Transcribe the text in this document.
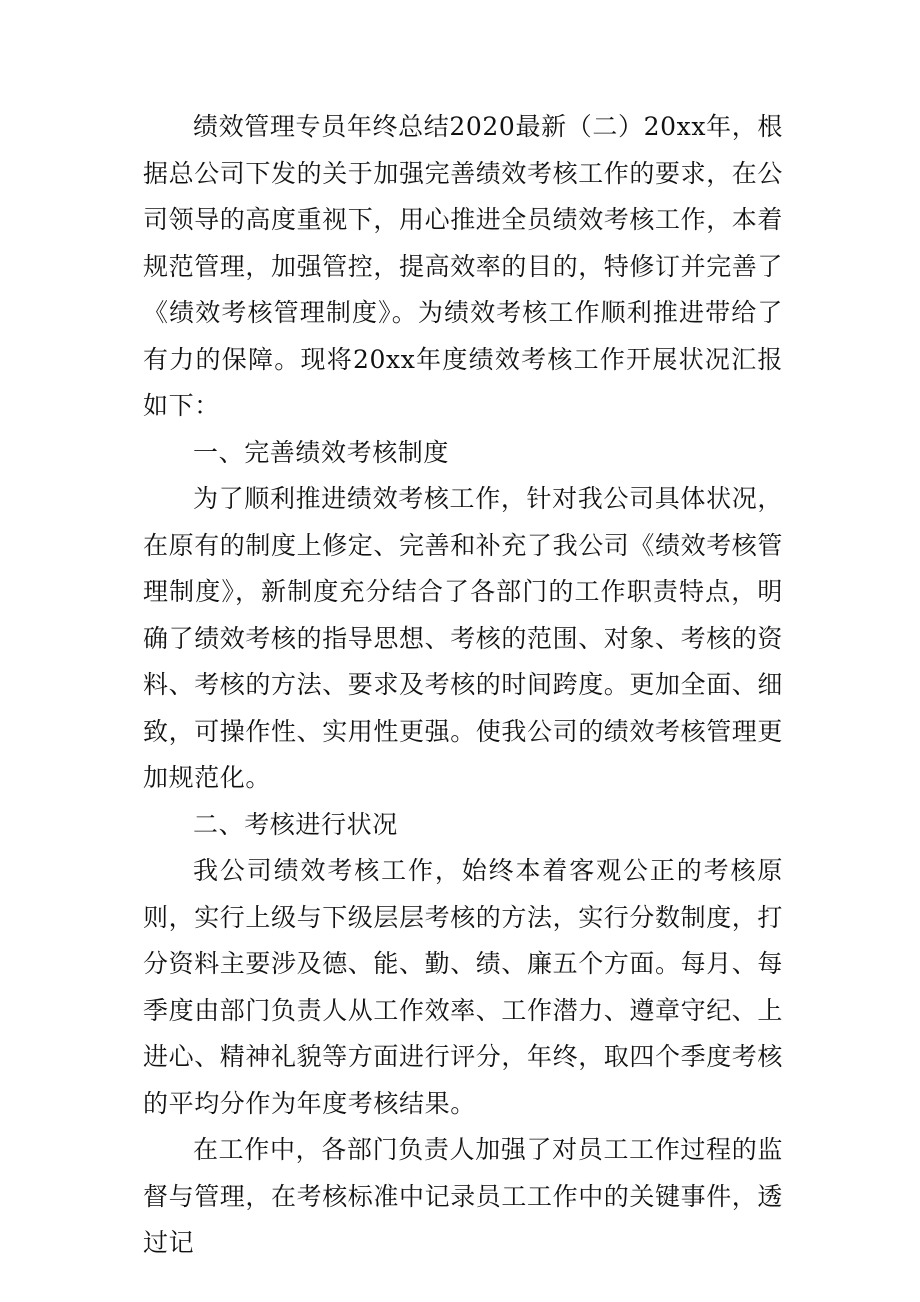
绩效管理专员年终总结2020最新（二）20xx年，根据总公司下发的关于加强完善绩效考核工作的要求，在公司领导的高度重视下，用心推进全员绩效考核工作，本着规范管理，加强管控，提高效率的目的，特修订并完善了《绩效考核管理制度》。为绩效考核工作顺利推进带给了有力的保障。现将20xx年度绩效考核工作开展状况汇报如下：

一、完善绩效考核制度

为了顺利推进绩效考核工作，针对我公司具体状况，在原有的制度上修定、完善和补充了我公司《绩效考核管理制度》，新制度充分结合了各部门的工作职责特点，明确了绩效考核的指导思想、考核的范围、对象、考核的资料、考核的方法、要求及考核的时间跨度。更加全面、细致，可操作性、实用性更强。使我公司的绩效考核管理更加规范化。

二、考核进行状况

我公司绩效考核工作，始终本着客观公正的考核原则，实行上级与下级层层考核的方法，实行分数制度，打分资料主要涉及德、能、勤、绩、廉五个方面。每月、每季度由部门负责人从工作效率、工作潜力、遵章守纪、上进心、精神礼貌等方面进行评分，年终，取四个季度考核的平均分作为年度考核结果。

在工作中，各部门负责人加强了对员工工作过程的监督与管理，在考核标准中记录员工工作中的关键事件，透过记
